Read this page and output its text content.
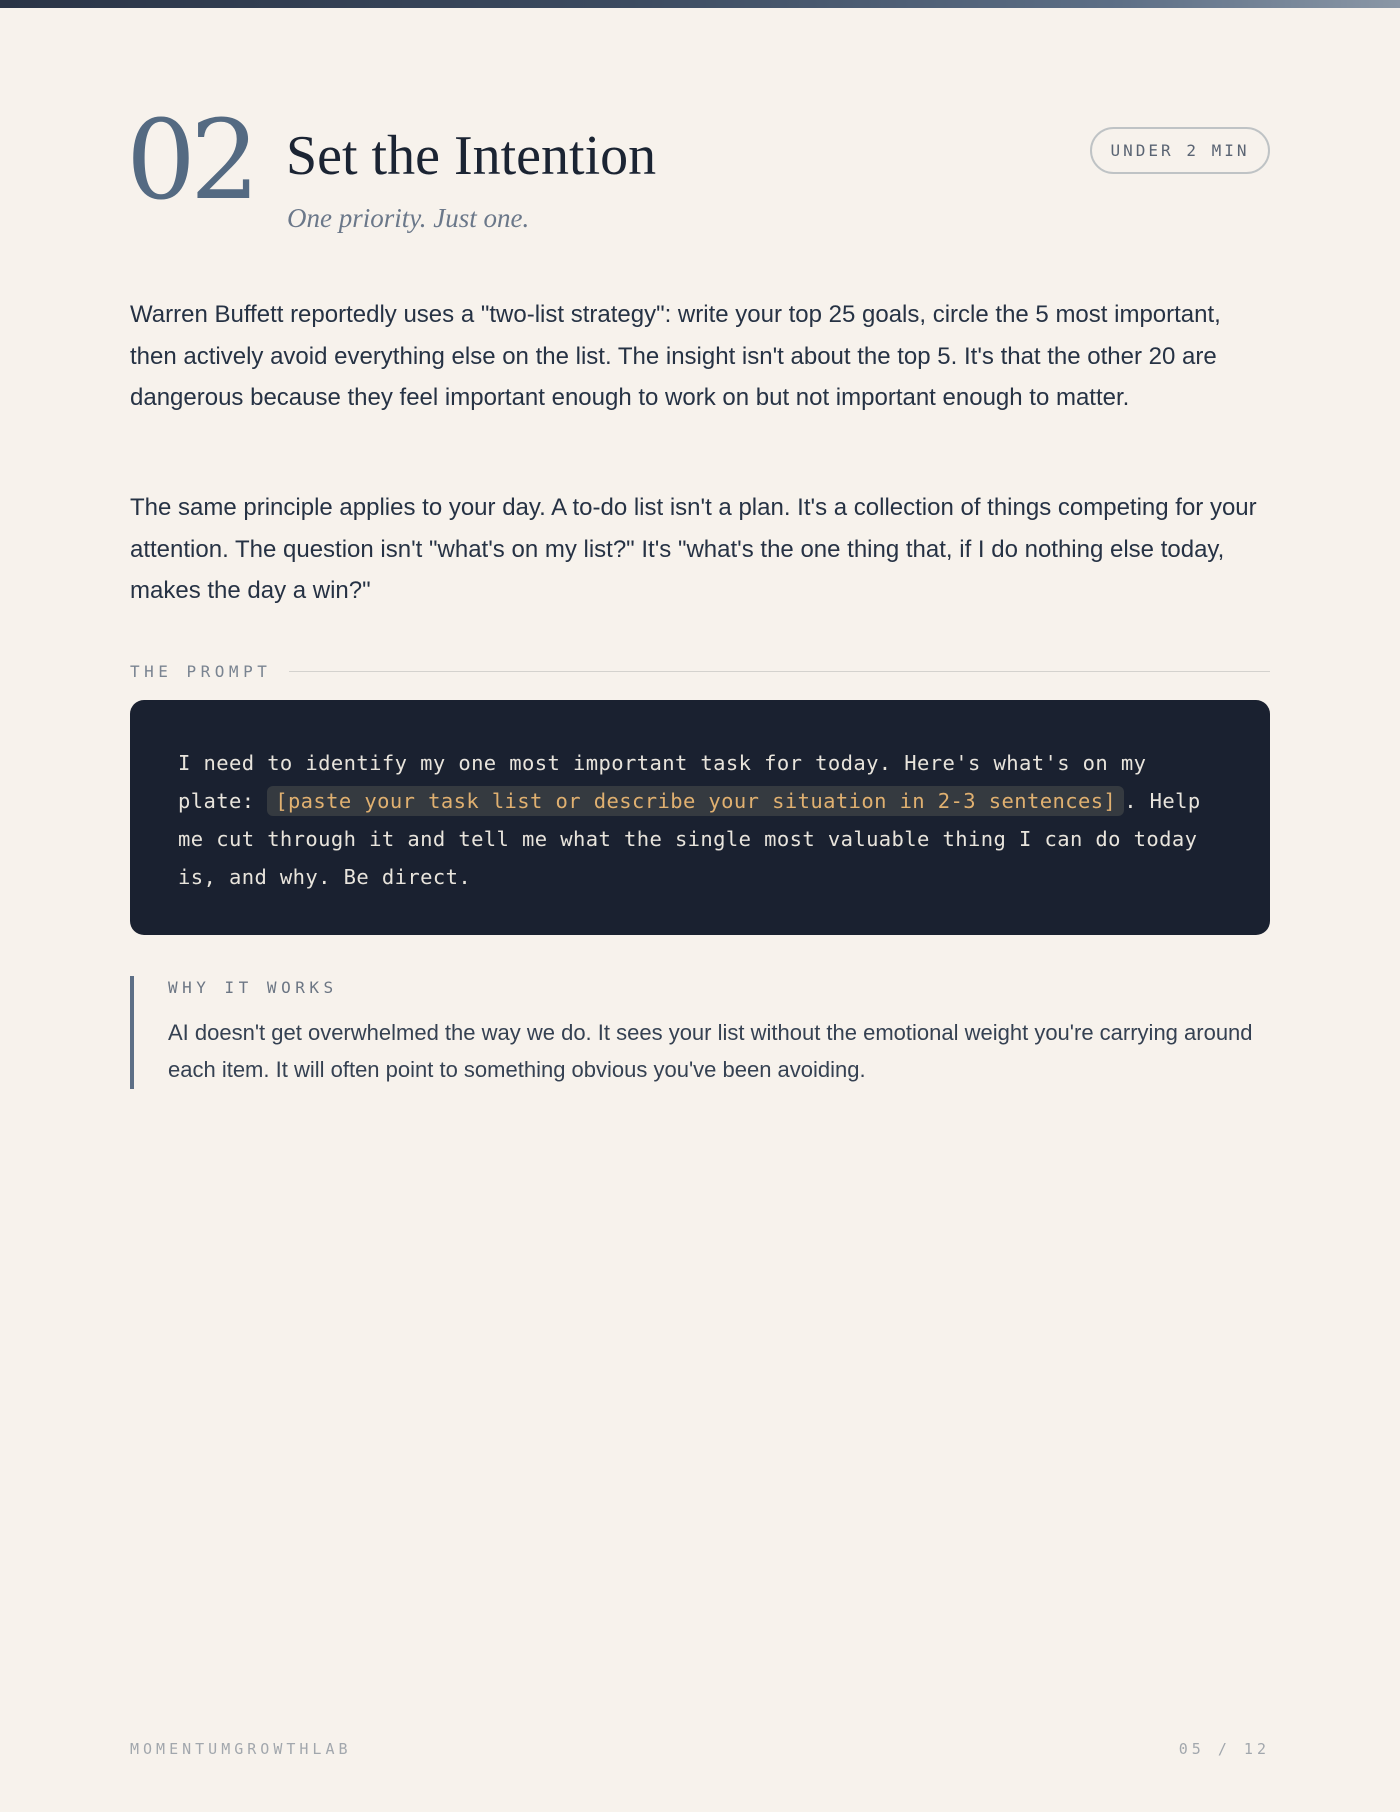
02 Set the Intention
One priority. Just one.
UNDER 2 MIN

Warren Buffett reportedly uses a "two-list strategy": write your top 25 goals, circle the 5 most important, then actively avoid everything else on the list. The insight isn't about the top 5. It's that the other 20 are dangerous because they feel important enough to work on but not important enough to matter.

The same principle applies to your day. A to-do list isn't a plan. It's a collection of things competing for your attention. The question isn't "what's on my list?" It's "what's the one thing that, if I do nothing else today, makes the day a win?"

THE PROMPT

I need to identify my one most important task for today. Here's what's on my plate: [paste your task list or describe your situation in 2-3 sentences] . Help me cut through it and tell me what the single most valuable thing I can do today is, and why. Be direct.

WHY IT WORKS

AI doesn't get overwhelmed the way we do. It sees your list without the emotional weight you're carrying around each item. It will often point to something obvious you've been avoiding.

MOMENTUMGROWTHLAB	05 / 12
